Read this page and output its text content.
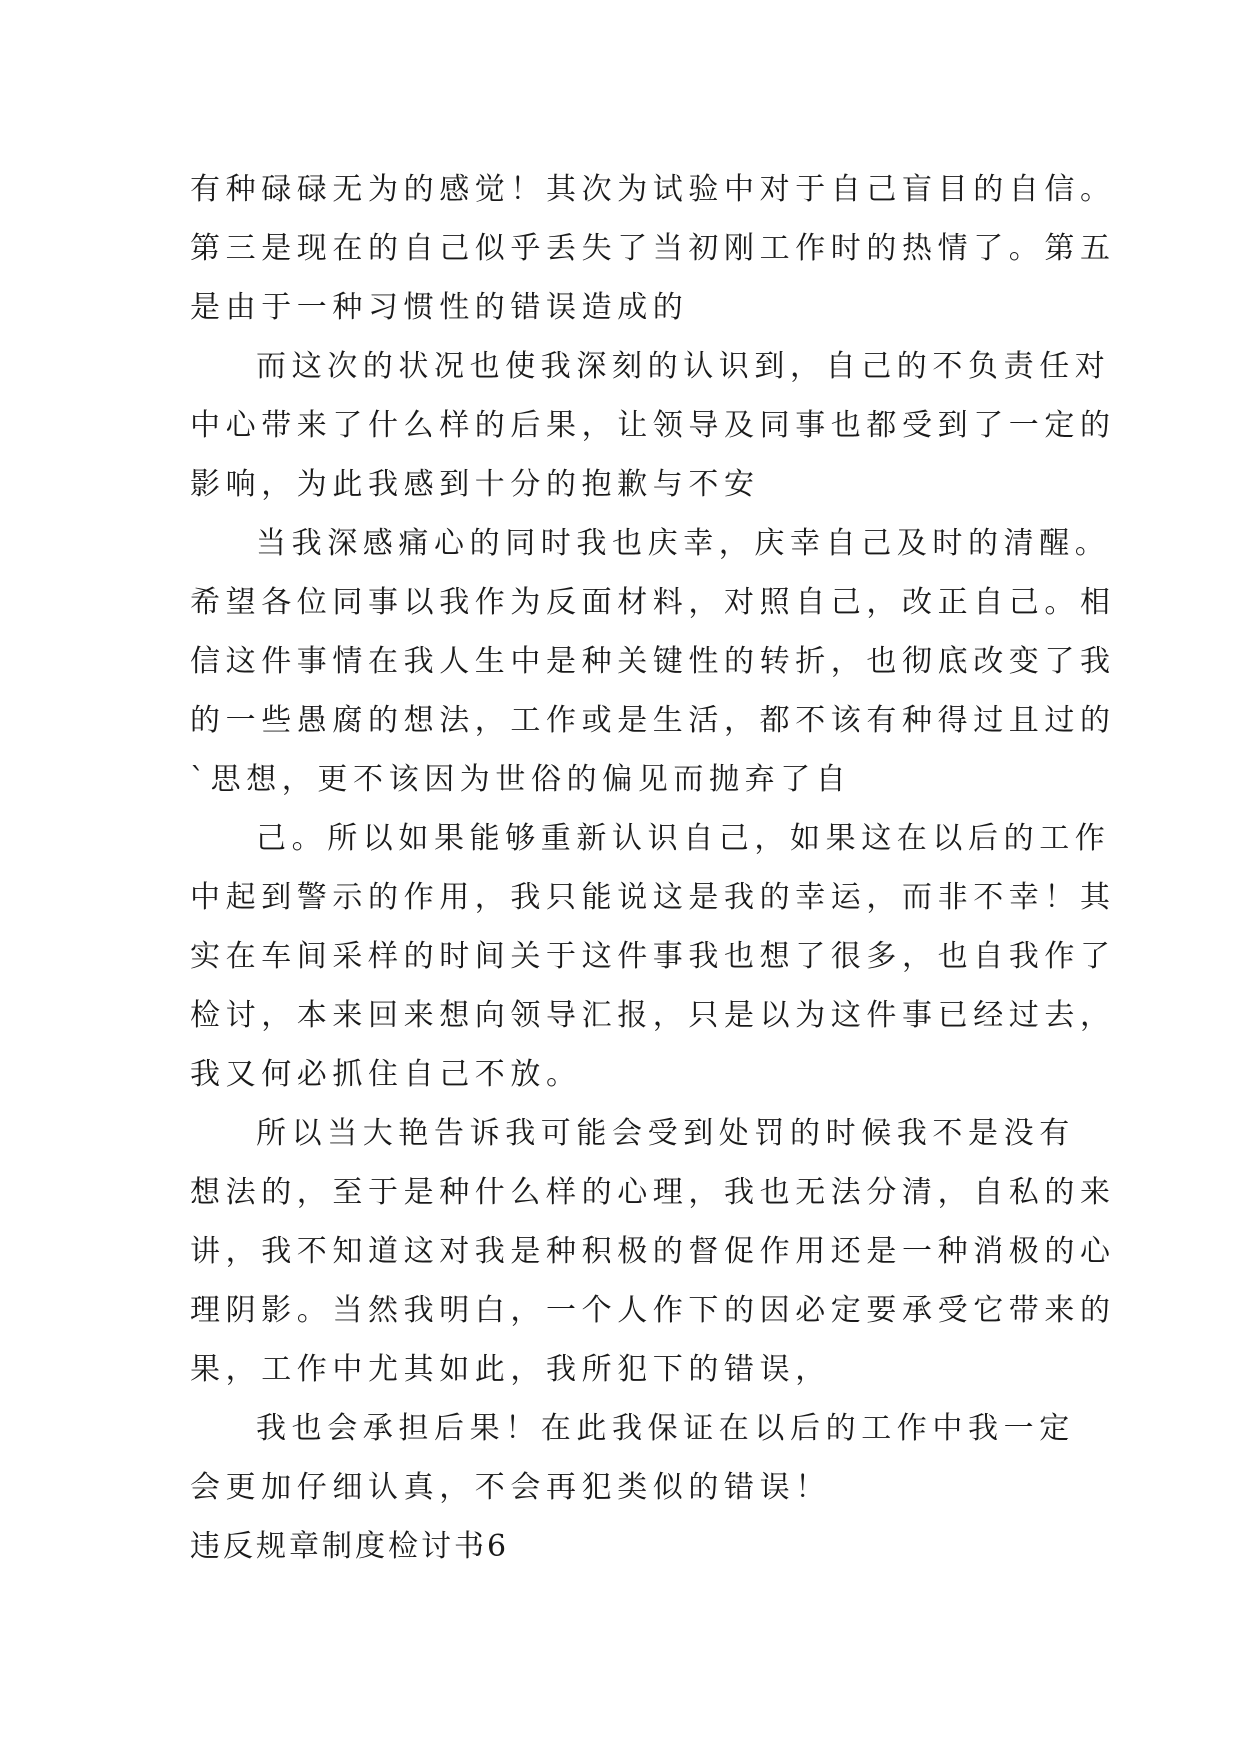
有种碌碌无为的感觉！其次为试验中对于自己盲目的自信。
第三是现在的自己似乎丢失了当初刚工作时的热情了。第五
是由于一种习惯性的错误造成的
而这次的状况也使我深刻的认识到，自己的不负责任对
中心带来了什么样的后果，让领导及同事也都受到了一定的
影响，为此我感到十分的抱歉与不安
当我深感痛心的同时我也庆幸，庆幸自己及时的清醒。
希望各位同事以我作为反面材料，对照自己，改正自己。相
信这件事情在我人生中是种关键性的转折，也彻底改变了我
的一些愚腐的想法，工作或是生活，都不该有种得过且过的
`思想，更不该因为世俗的偏见而抛弃了自
己。所以如果能够重新认识自己，如果这在以后的工作
中起到警示的作用，我只能说这是我的幸运，而非不幸！其
实在车间采样的时间关于这件事我也想了很多，也自我作了
检讨，本来回来想向领导汇报，只是以为这件事已经过去，
我又何必抓住自己不放。
所以当大艳告诉我可能会受到处罚的时候我不是没有
想法的，至于是种什么样的心理，我也无法分清，自私的来
讲，我不知道这对我是种积极的督促作用还是一种消极的心
理阴影。当然我明白，一个人作下的因必定要承受它带来的
果，工作中尤其如此，我所犯下的错误，
我也会承担后果！在此我保证在以后的工作中我一定
会更加仔细认真，不会再犯类似的错误！
违反规章制度检讨书6
